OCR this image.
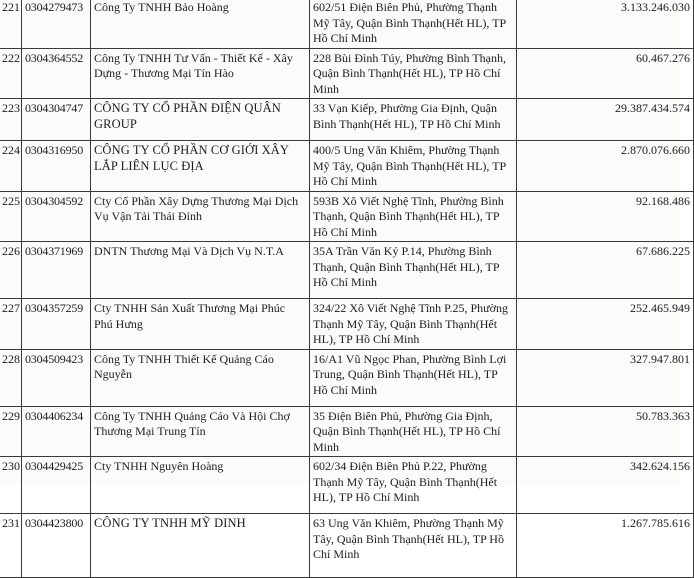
221	0304279473	Công Ty TNHH Bảo Hoàng	602/51 Điện Biên Phủ, Phường Thạnh Mỹ Tây, Quận Bình Thạnh(Hết HL), TP Hồ Chí Minh	3.133.246.030
222	0304364552	Công Ty TNHH Tư Vấn - Thiết Kế - Xây Dựng - Thương Mại Tín Hào	228 Bùi Đình Túy, Phường Bình Thạnh, Quận Bình Thạnh(Hết HL), TP Hồ Chí Minh	60.467.276
223	0304304747	CÔNG TY CỔ PHẦN ĐIỆN QUÂN GROUP	33 Vạn Kiếp, Phường Gia Định, Quận Bình Thạnh(Hết HL), TP Hồ Chí Minh	29.387.434.574
224	0304316950	CÔNG TY CỔ PHẦN CƠ GIỚI XÂY LẮP LIÊN LỤC ĐỊA	400/5 Ung Văn Khiêm, Phường Thạnh Mỹ Tây, Quận Bình Thạnh(Hết HL), TP Hồ Chí Minh	2.870.076.660
225	0304304592	Cty Cổ Phần Xây Dựng Thương Mại Dịch Vụ Vận Tải Thái Đỉnh	593B Xô Viết Nghệ Tĩnh, Phường Bình Thạnh, Quận Bình Thạnh(Hết HL), TP Hồ Chí Minh	92.168.486
226	0304371969	DNTN Thương Mại Và Dịch Vụ N.T.A	35A Trần Văn Kỷ P.14, Phường Bình Thạnh, Quận Bình Thạnh(Hết HL), TP Hồ Chí Minh	67.686.225
227	0304357259	Cty TNHH Sản Xuất Thương Mại Phúc Phú Hưng	324/22 Xô Viết Nghệ Tĩnh P.25, Phường Thạnh Mỹ Tây, Quận Bình Thạnh(Hết HL), TP Hồ Chí Minh	252.465.949
228	0304509423	Công Ty TNHH Thiết Kế Quảng Cáo Nguyễn	16/A1 Vũ Ngọc Phan, Phường Bình Lợi Trung, Quận Bình Thạnh(Hết HL), TP Hồ Chí Minh	327.947.801
229	0304406234	Công Ty TNHH Quảng Cáo Và Hội Chợ Thương Mại Trung Tín	35 Điện Biên Phủ, Phường Gia Định, Quận Bình Thạnh(Hết HL), TP Hồ Chí Minh	50.783.363
230	0304429425	Cty TNHH Nguyên Hoàng	602/34 Điện Biên Phủ P.22, Phường Thạnh Mỹ Tây, Quận Bình Thạnh(Hết HL), TP Hồ Chí Minh	342.624.156
231	0304423800	CÔNG TY TNHH MỸ DINH	63 Ung Văn Khiêm, Phường Thạnh Mỹ Tây, Quận Bình Thạnh(Hết HL), TP Hồ Chí Minh	1.267.785.616
